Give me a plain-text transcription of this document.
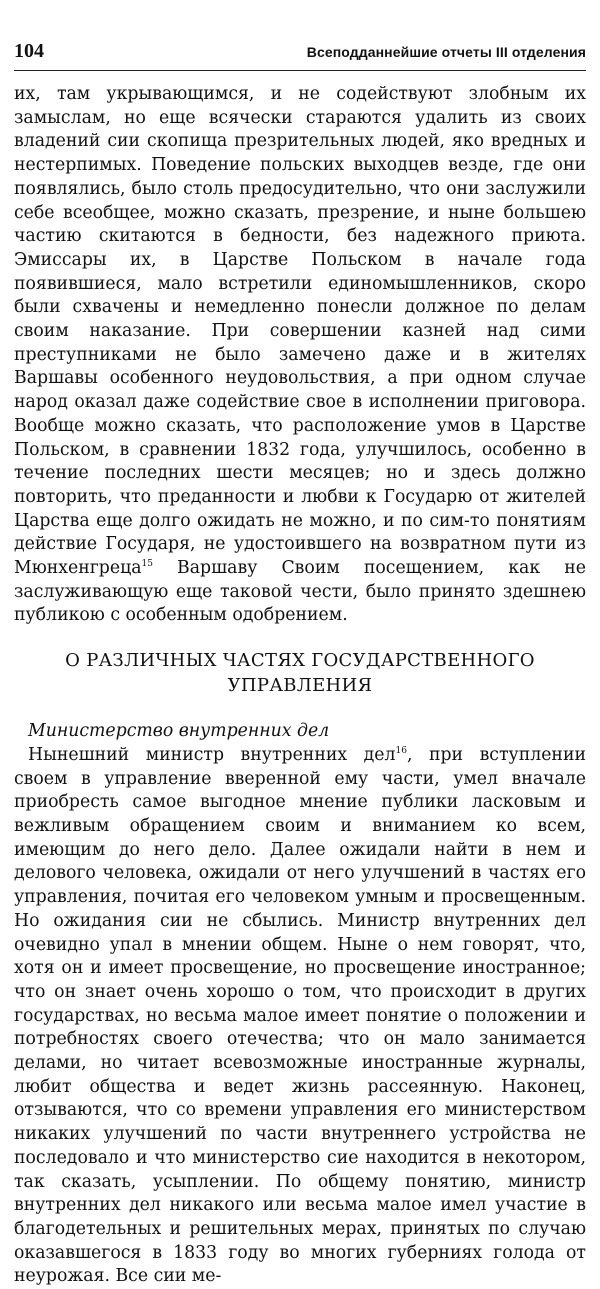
104	Всеподданнейшие отчеты III отделения

их, там укрывающимся, и не содействуют злобным их замыслам, но еще всячески стараются удалить из своих владений сии скопища презрительных людей, яко вредных и нестерпимых. Поведение польских выходцев везде, где они появлялись, было столь предосудительно, что они заслужили себе всеобщее, можно сказать, презрение, и ныне большею частию скитаются в бедности, без надежного приюта. Эмиссары их, в Царстве Польском в начале года появившиеся, мало встретили единомышленников, скоро были схвачены и немедленно понесли должное по делам своим наказание. При совершении казней над сими преступниками не было замечено даже и в жителях Варшавы особенного неудовольствия, а при одном случае народ оказал даже содействие свое в исполнении приговора. Вообще можно сказать, что расположение умов в Царстве Польском, в сравнении 1832 года, улучшилось, особенно в течение последних шести месяцев; но и здесь должно повторить, что преданности и любви к Государю от жителей Царства еще долго ожидать не можно, и по сим-то понятиям действие Государя, не удостоившего на возвратном пути из Мюнхенгреца$^{15}$ Варшаву Своим посещением, как не заслуживающую еще таковой чести, было принято здешнею публикою с особенным одобрением.

О РАЗЛИЧНЫХ ЧАСТЯХ ГОСУДАРСТВЕННОГО
УПРАВЛЕНИЯ

Министерство внутренних дел

Нынешний министр внутренних дел$^{16}$, при вступлении своем в управление вверенной ему части, умел вначале приобресть самое выгодное мнение публики ласковым и вежливым обращением своим и вниманием ко всем, имеющим до него дело. Далее ожидали найти в нем и делового человека, ожидали от него улучшений в частях его управления, почитая его человеком умным и просвещенным. Но ожидания сии не сбылись. Министр внутренних дел очевидно упал в мнении общем. Ныне о нем говорят, что, хотя он и имеет просвещение, но просвещение иностранное; что он знает очень хорошо о том, что происходит в других государствах, но весьма малое имеет понятие о положении и потребностях своего отечества; что он мало занимается делами, но читает всевозможные иностранные журналы, любит общества и ведет жизнь рассеянную. Наконец, отзываются, что со времени управления его министерством никаких улучшений по части внутреннего устройства не последовало и что министерство сие находится в некотором, так сказать, усыплении. По общему понятию, министр внутренних дел никакого или весьма малое имел участие в благодетельных и решительных мерах, принятых по случаю оказавшегося в 1833 году во многих губерниях голода от неурожая. Все сии ме-
